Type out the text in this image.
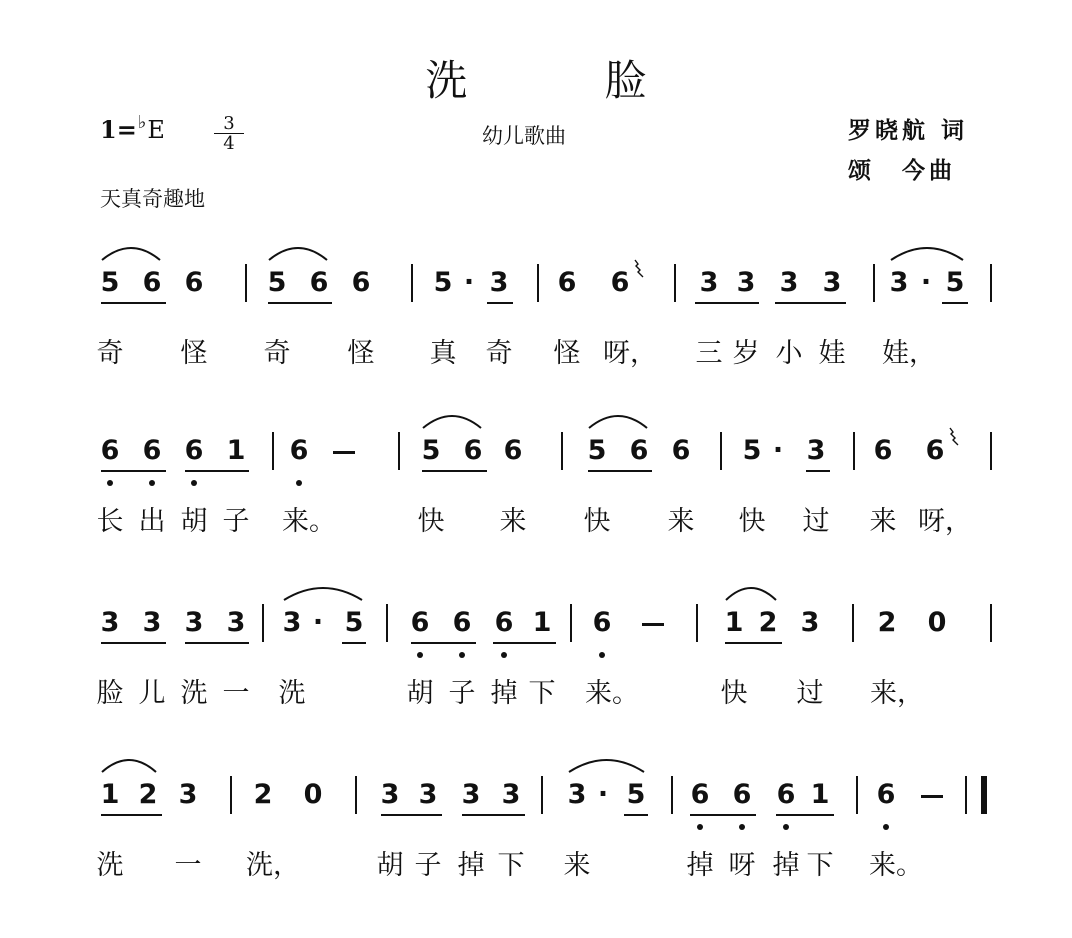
洗 脸
1=♭E	3
4	幼儿歌曲	罗晓航 词
颂　今曲
天真奇趣地
5 6 6 5 6 6 5 · 3 6 6	3 3 3 3 3 · 5
奇 怪 奇 怪 真 奇 怪 呀， 三 岁 小 娃 娃，
6 6 6 1 6	5 6 6 5 6 6 5 · 3 6 6
长 出 胡 子 来。	快 来 快 来 快 过 来 呀，
3 3 3 3 3 · 5 6 6 6 1 6	1 2 3 2 0
脸 儿 洗 一 洗	胡 子 掉 下 来。	快 过 来，
1 2 3 2 0 3 3 3 3 3 · 5 6 6 6 1 6
洗 一 洗，	胡 子 掉 下 来	掉 呀 掉 下 来。
